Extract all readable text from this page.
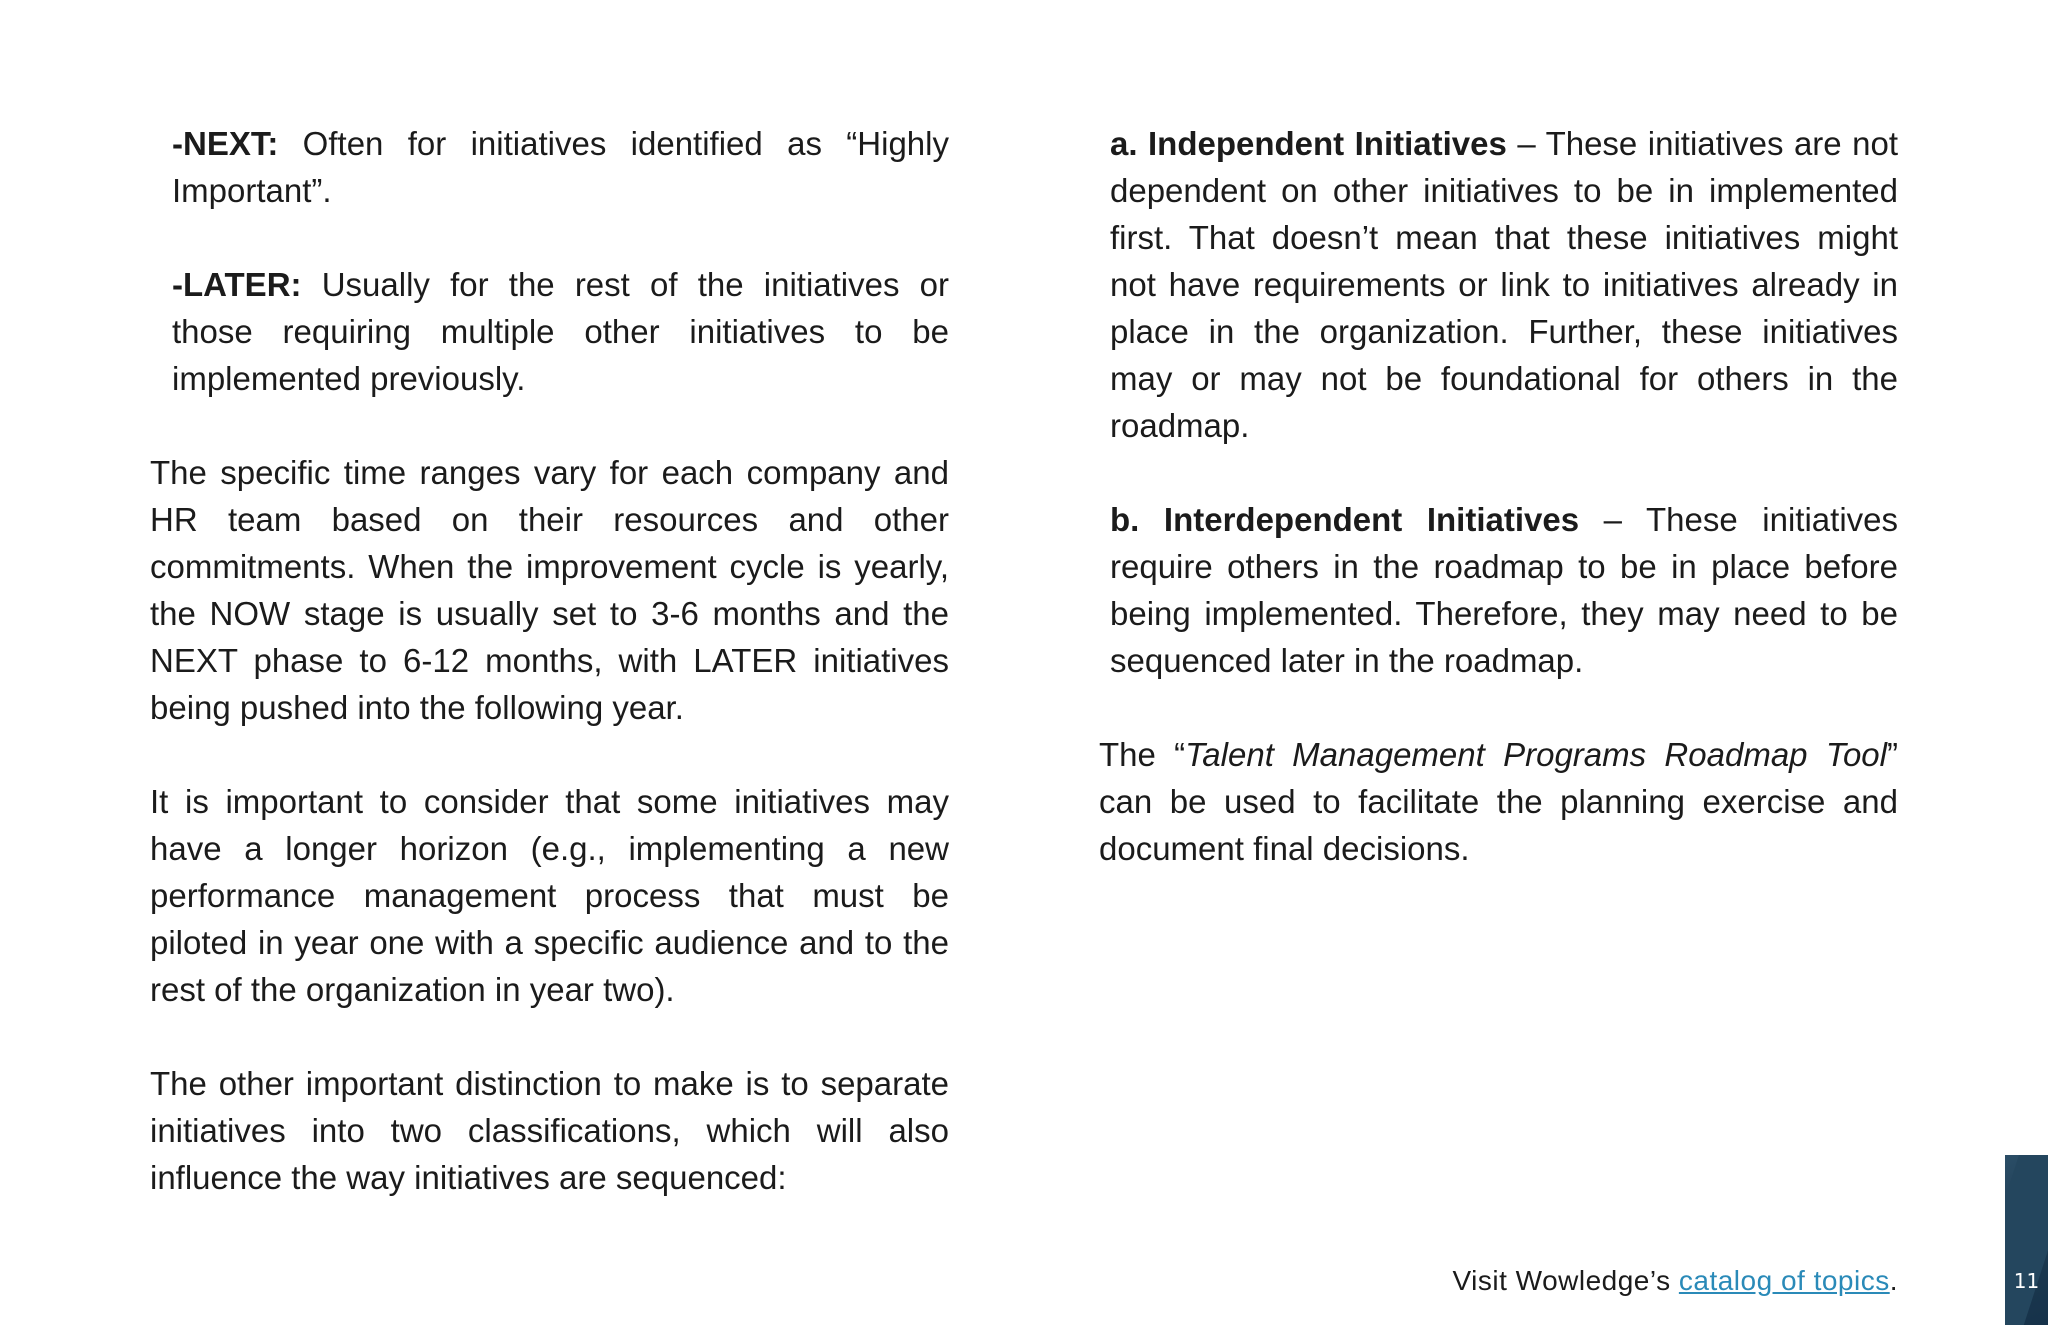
-NEXT: Often for initiatives identified as “Highly Important”.

-LATER: Usually for the rest of the initiatives or those requiring multiple other initiatives to be implemented previously.

The specific time ranges vary for each company and HR team based on their resources and other commitments. When the improvement cycle is yearly, the NOW stage is usually set to 3-6 months and the NEXT phase to 6-12 months, with LATER initiatives being pushed into the following year.

It is important to consider that some initiatives may have a longer horizon (e.g., implementing a new performance management process that must be piloted in year one with a specific audience and to the rest of the organization in year two).

The other important distinction to make is to separate initiatives into two classifications, which will also influence the way initiatives are sequenced:

a. Independent Initiatives – These initiatives are not dependent on other initiatives to be in implemented first. That doesn’t mean that these initiatives might not have requirements or link to initiatives already in place in the organization. Further, these initiatives may or may not be foundational for others in the roadmap.

b. Interdependent Initiatives – These initiatives require others in the roadmap to be in place before being implemented. Therefore, they may need to be sequenced later in the roadmap.

The “Talent Management Programs Roadmap Tool” can be used to facilitate the planning exercise and document final decisions.

Visit Wowledge’s catalog of topics.	11
